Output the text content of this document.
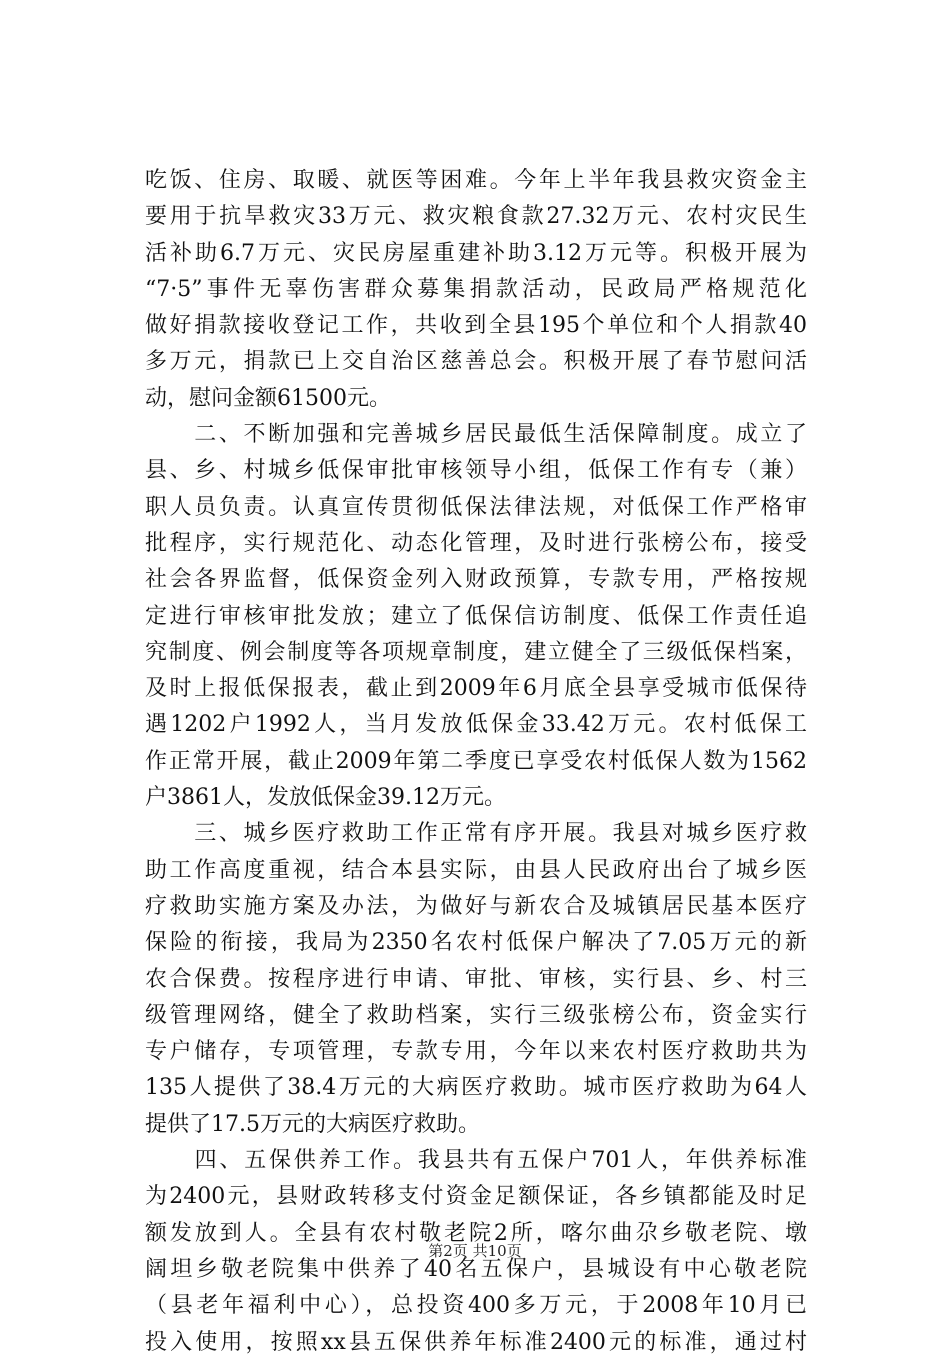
吃饭、住房、取暖、就医等困难。今年上半年我县救灾资金主
要用于抗旱救灾33万元、救灾粮食款27.32万元、农村灾民生
活补助6.7万元、灾民房屋重建补助3.12万元等。积极开展为
“7·5”事件无辜伤害群众募集捐款活动，民政局严格规范化
做好捐款接收登记工作，共收到全县195个单位和个人捐款40
多万元，捐款已上交自治区慈善总会。积极开展了春节慰问活
动，慰问金额61500元。
　　二、不断加强和完善城乡居民最低生活保障制度。成立了
县、乡、村城乡低保审批审核领导小组，低保工作有专（兼）
职人员负责。认真宣传贯彻低保法律法规，对低保工作严格审
批程序，实行规范化、动态化管理，及时进行张榜公布，接受
社会各界监督，低保资金列入财政预算，专款专用，严格按规
定进行审核审批发放；建立了低保信访制度、低保工作责任追
究制度、例会制度等各项规章制度，建立健全了三级低保档案，
及时上报低保报表，截止到2009年6月底全县享受城市低保待
遇1202户1992人，当月发放低保金33.42万元。农村低保工
作正常开展，截止2009年第二季度已享受农村低保人数为1562
户3861人，发放低保金39.12万元。
　　三、城乡医疗救助工作正常有序开展。我县对城乡医疗救
助工作高度重视，结合本县实际，由县人民政府出台了城乡医
疗救助实施方案及办法，为做好与新农合及城镇居民基本医疗
保险的衔接，我局为2350名农村低保户解决了7.05万元的新
农合保费。按程序进行申请、审批、审核，实行县、乡、村三
级管理网络，健全了救助档案，实行三级张榜公布，资金实行
专户储存，专项管理，专款专用，今年以来农村医疗救助共为
135人提供了38.4万元的大病医疗救助。城市医疗救助为64人
提供了17.5万元的大病医疗救助。
　　四、五保供养工作。我县共有五保户701人，年供养标准
为2400元，县财政转移支付资金足额保证，各乡镇都能及时足
额发放到人。全县有农村敬老院2所，喀尔曲尕乡敬老院、墩
阔坦乡敬老院集中供养了40名五保户，县城设有中心敬老院
（县老年福利中心），总投资400多万元，于2008年10月已
投入使用，按照xx县五保供养年标准2400元的标准，通过村
第2页 共10页
